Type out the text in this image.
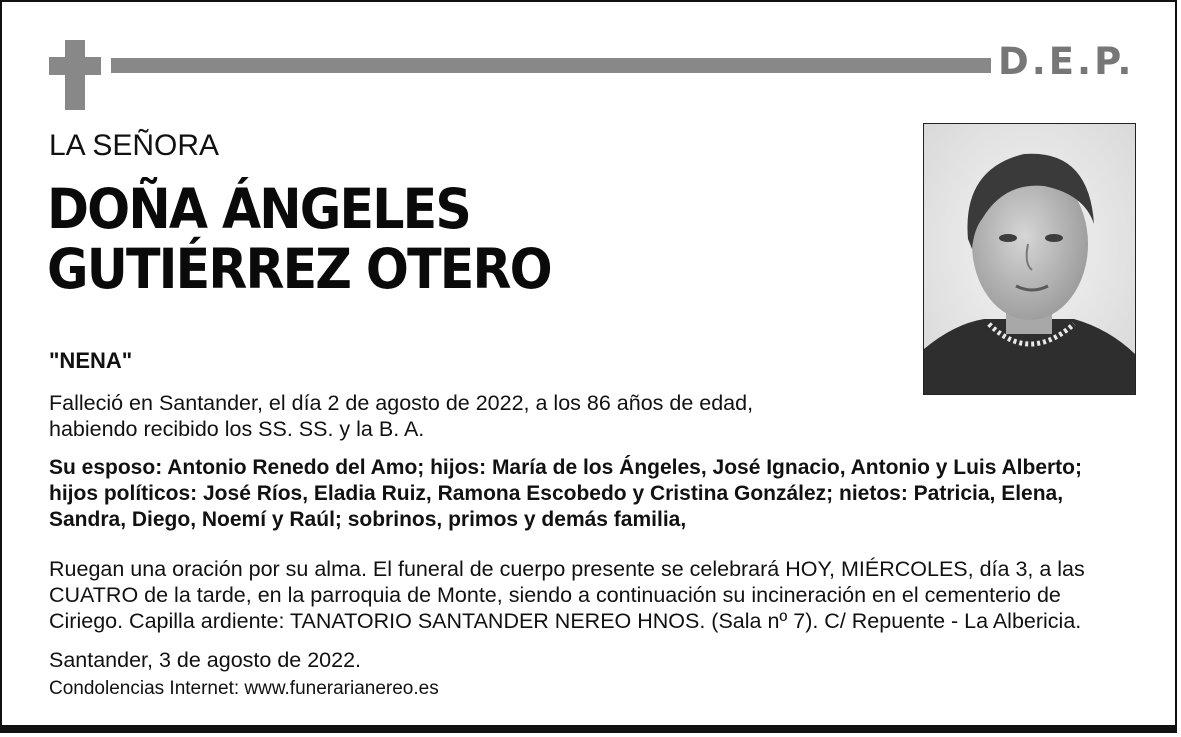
D.E.P.
LA SEÑORA
DOÑA ÁNGELES
GUTIÉRREZ OTERO
"NENA"
Falleció en Santander, el día 2 de agosto de 2022, a los 86 años de edad,
habiendo recibido los SS. SS. y la B. A.
Su esposo: Antonio Renedo del Amo; hijos: María de los Ángeles, José Ignacio, Antonio y Luis Alberto;
hijos políticos: José Ríos, Eladia Ruiz, Ramona Escobedo y Cristina González; nietos: Patricia, Elena,
Sandra, Diego, Noemí y Raúl; sobrinos, primos y demás familia,
Ruegan una oración por su alma. El funeral de cuerpo presente se celebrará HOY, MIÉRCOLES, día 3, a las
CUATRO de la tarde, en la parroquia de Monte, siendo a continuación su incineración en el cementerio de
Ciriego. Capilla ardiente: TANATORIO SANTANDER NEREO HNOS. (Sala nº 7). C/ Repuente - La Albericia.
Santander, 3 de agosto de 2022.
Condolencias Internet: www.funerarianereo.es
